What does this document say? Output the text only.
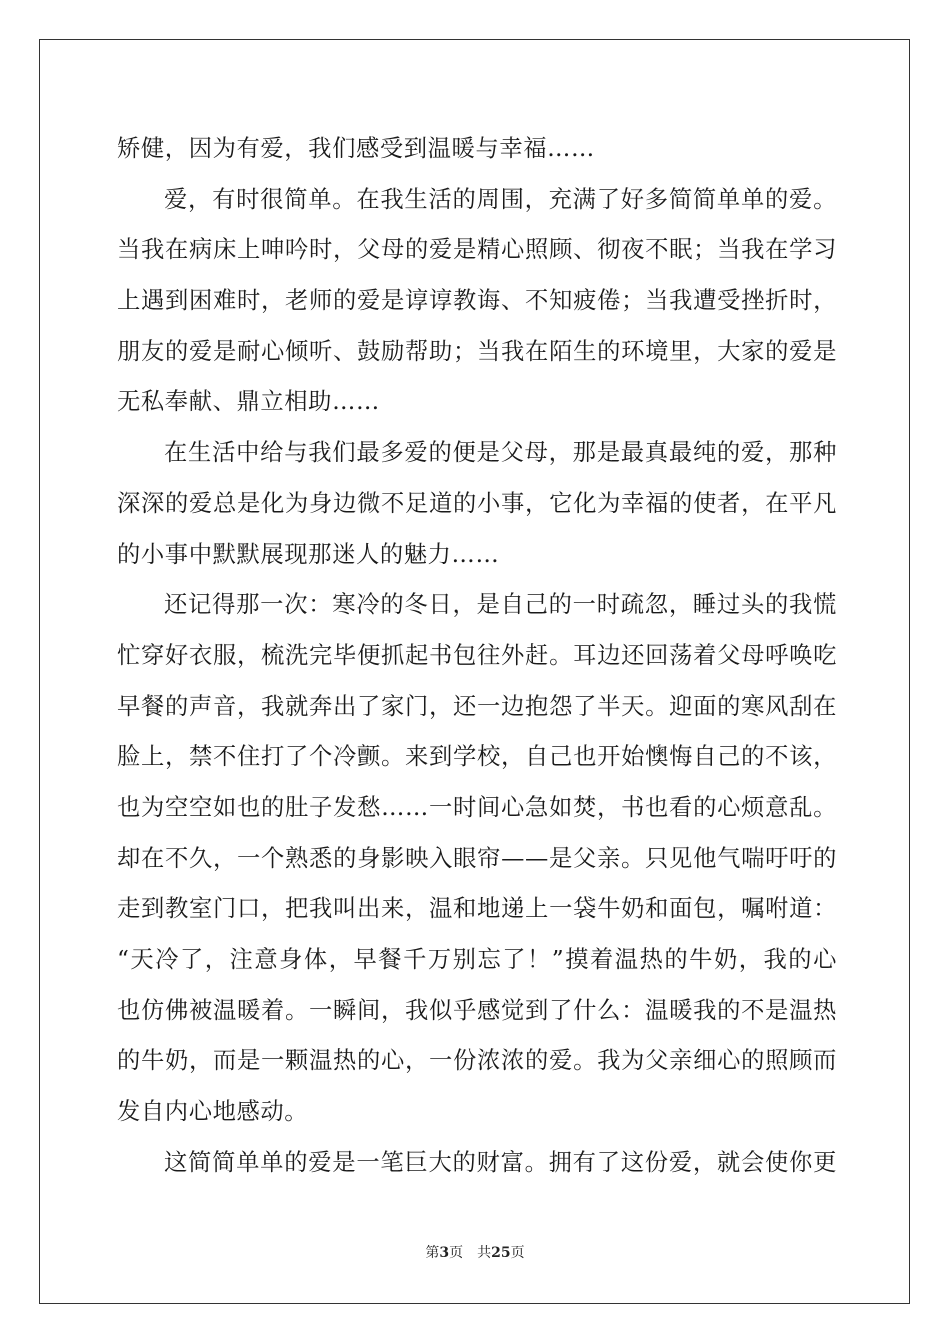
矫健，因为有爱，我们感受到温暖与幸福……
爱，有时很简单。在我生活的周围，充满了好多简简单单的爱。
当我在病床上呻吟时，父母的爱是精心照顾、彻夜不眠；当我在学习
上遇到困难时，老师的爱是谆谆教诲、不知疲倦；当我遭受挫折时，
朋友的爱是耐心倾听、鼓励帮助；当我在陌生的环境里，大家的爱是
无私奉献、鼎立相助……
在生活中给与我们最多爱的便是父母，那是最真最纯的爱，那种
深深的爱总是化为身边微不足道的小事，它化为幸福的使者，在平凡
的小事中默默展现那迷人的魅力……
还记得那一次：寒冷的冬日，是自己的一时疏忽，睡过头的我慌
忙穿好衣服，梳洗完毕便抓起书包往外赶。耳边还回荡着父母呼唤吃
早餐的声音，我就奔出了家门，还一边抱怨了半天。迎面的寒风刮在
脸上，禁不住打了个冷颤。来到学校，自己也开始懊悔自己的不该，
也为空空如也的肚子发愁……一时间心急如焚，书也看的心烦意乱。
却在不久，一个熟悉的身影映入眼帘——是父亲。只见他气喘吁吁的
走到教室门口，把我叫出来，温和地递上一袋牛奶和面包，嘱咐道：
“天冷了，注意身体，早餐千万别忘了！”摸着温热的牛奶，我的心
也仿佛被温暖着。一瞬间，我似乎感觉到了什么：温暖我的不是温热
的牛奶，而是一颗温热的心，一份浓浓的爱。我为父亲细心的照顾而
发自内心地感动。
这简简单单的爱是一笔巨大的财富。拥有了这份爱，就会使你更
第3页 共25页
